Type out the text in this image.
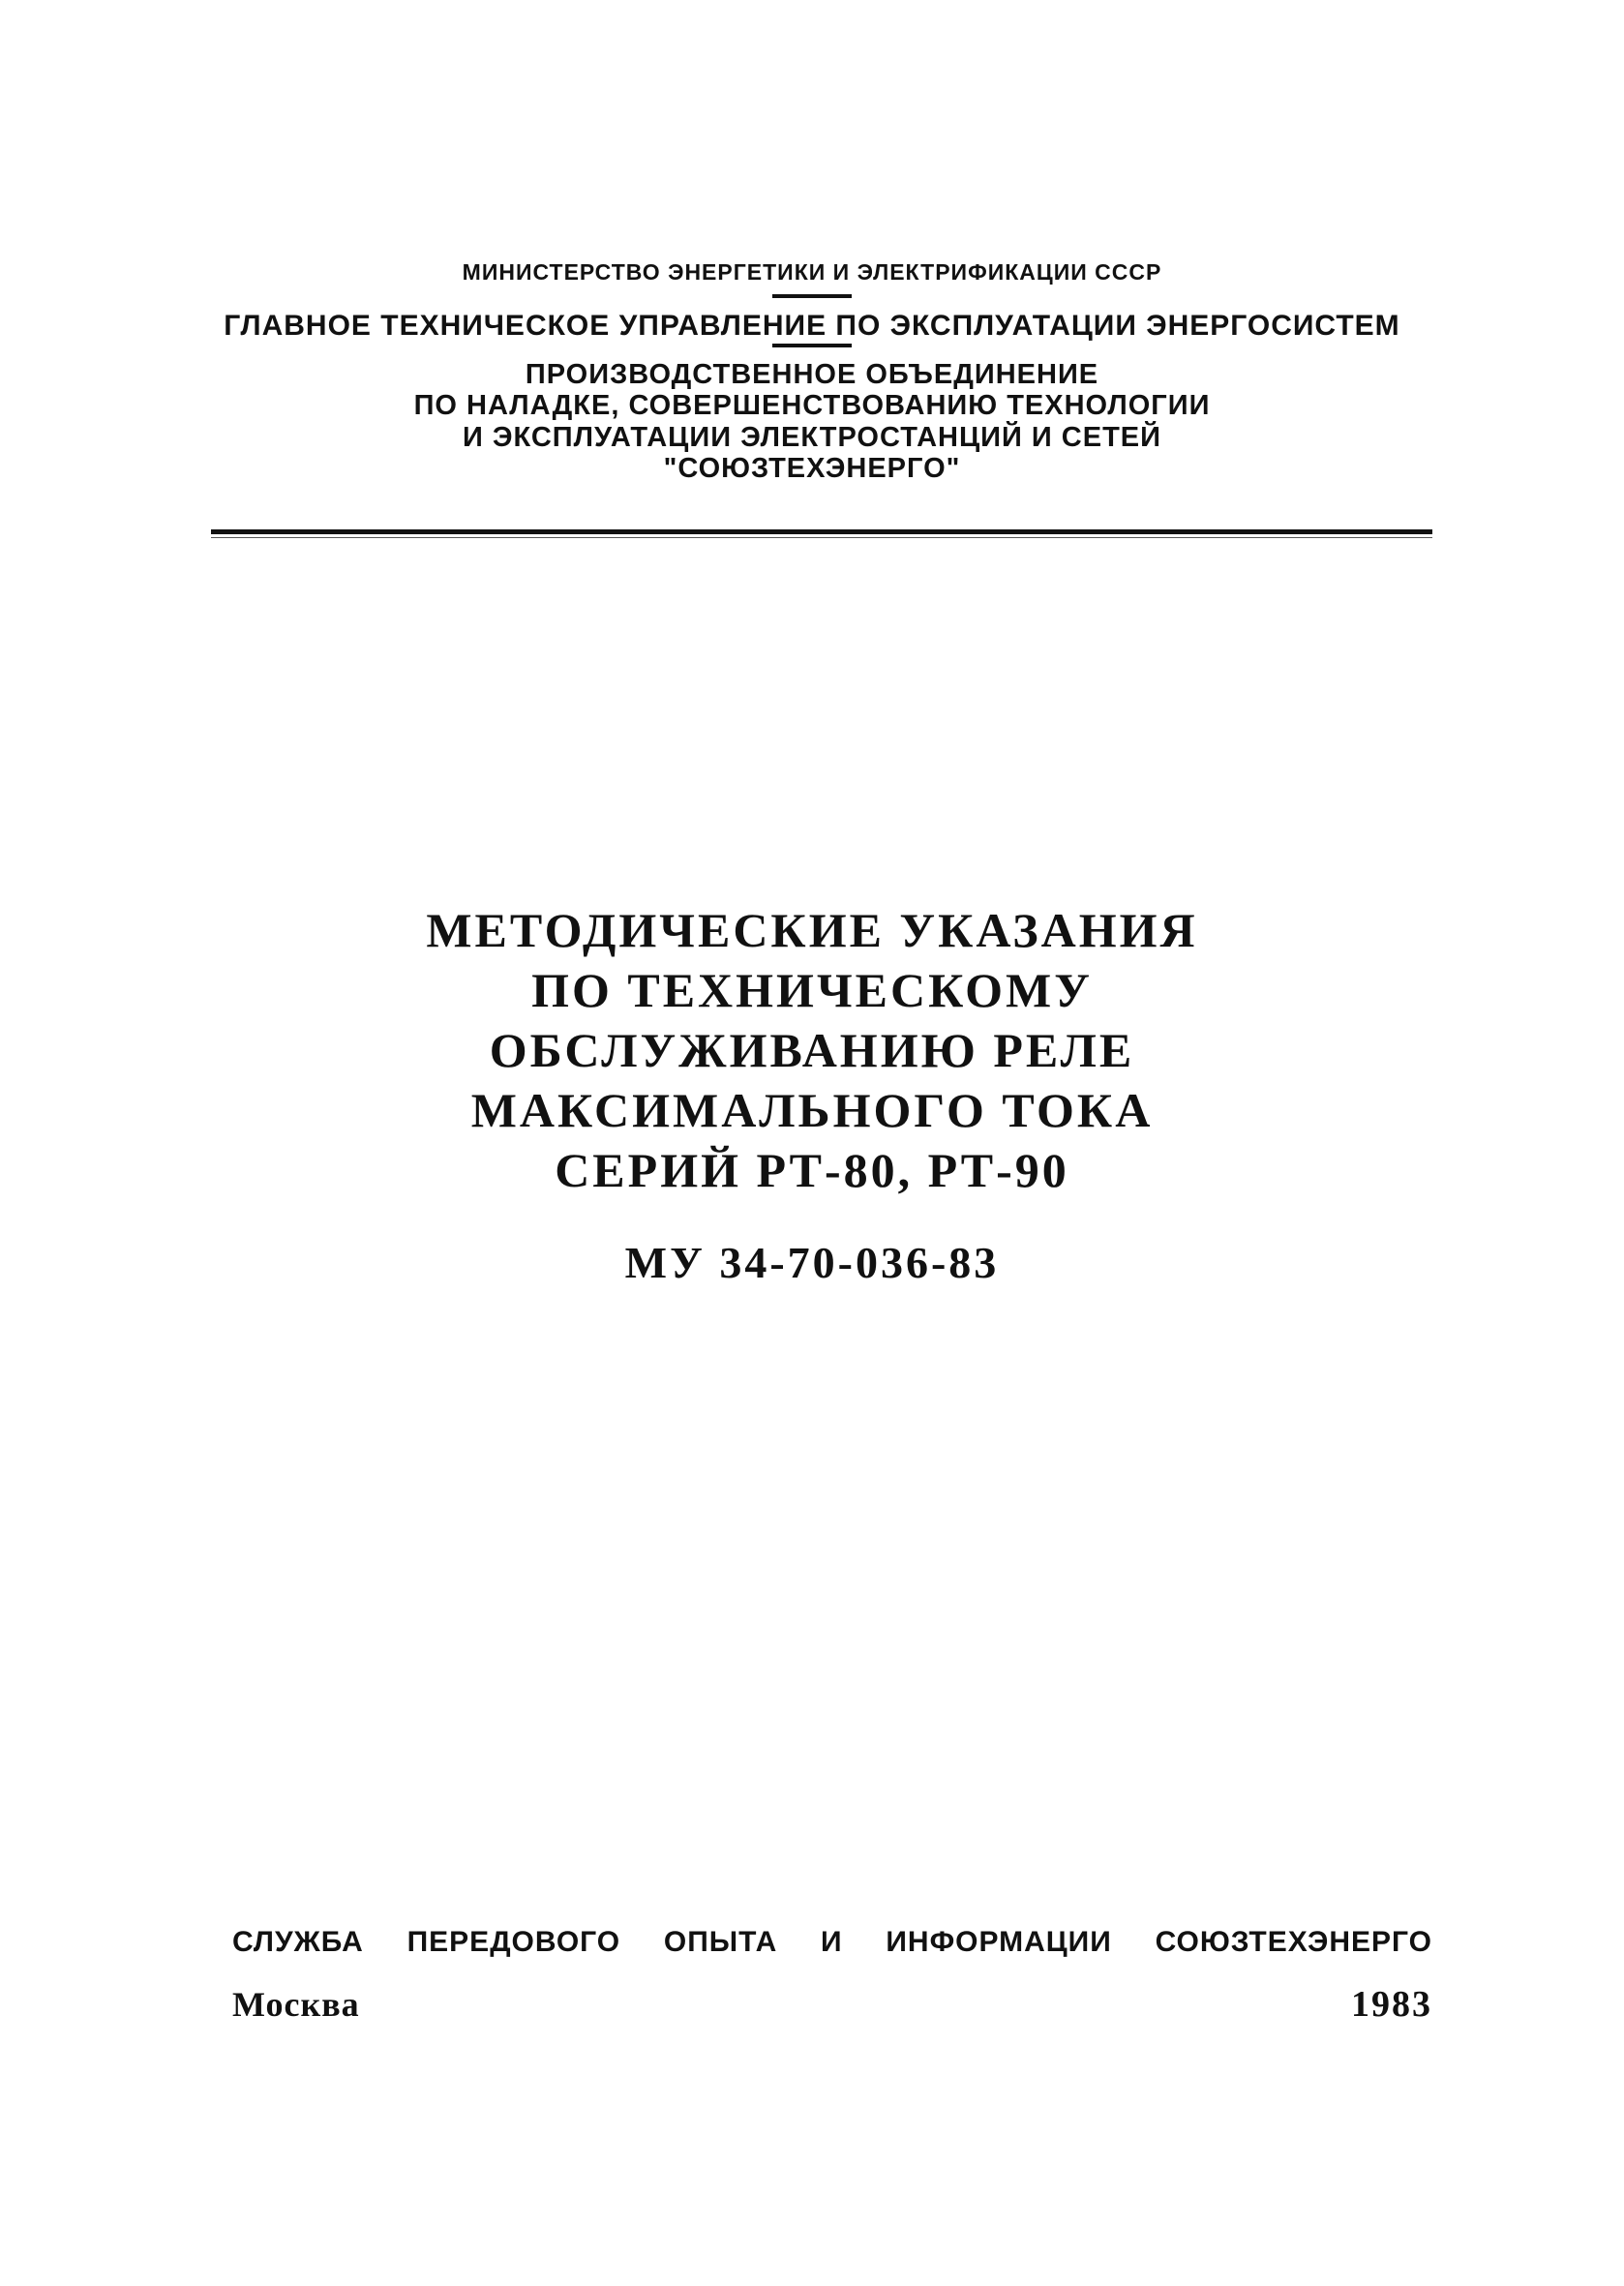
МИНИСТЕРСТВО ЭНЕРГЕТИКИ И ЭЛЕКТРИФИКАЦИИ СССР
ГЛАВНОЕ ТЕХНИЧЕСКОЕ УПРАВЛЕНИЕ ПО ЭКСПЛУАТАЦИИ ЭНЕРГОСИСТЕМ
ПРОИЗВОДСТВЕННОЕ ОБЪЕДИНЕНИЕ
ПО НАЛАДКЕ, СОВЕРШЕНСТВОВАНИЮ ТЕХНОЛОГИИ
И ЭКСПЛУАТАЦИИ ЭЛЕКТРОСТАНЦИЙ И СЕТЕЙ
"СОЮЗТЕХЭНЕРГО"
МЕТОДИЧЕСКИЕ УКАЗАНИЯ
ПО ТЕХНИЧЕСКОМУ
ОБСЛУЖИВАНИЮ РЕЛЕ
МАКСИМАЛЬНОГО ТОКА
СЕРИЙ РТ-80, РТ-90
МУ 34-70-036-83
СЛУЖБА ПЕРЕДОВОГО ОПЫТА И ИНФОРМАЦИИ СОЮЗТЕХЭНЕРГО
Москва	1983
